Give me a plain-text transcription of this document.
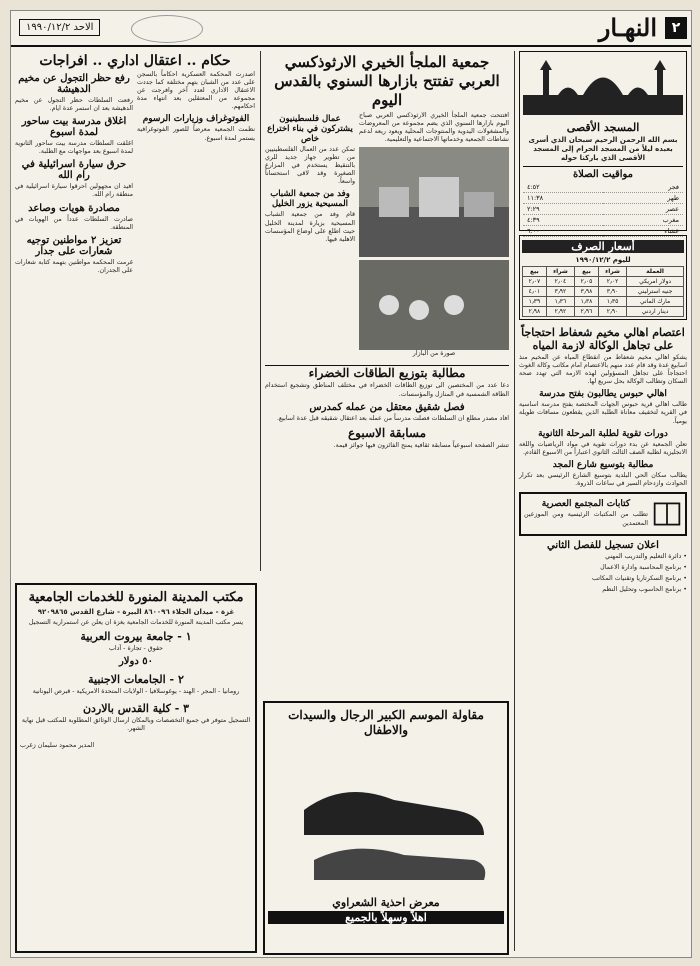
٢
النهـار
الاحد ١٩٩٠/١٢/٢
المسجد الأقصى
بسم الله الرحمن الرحيم سبحان الذي أسرى بعبده ليلاً من المسجد الحرام إلى المسجد الأقصى الذي باركنا حوله
مواقيت الصلاة
فجر	٤:٥٢
ظهر	١١:٣٨
عصر	٢:٢٩
مغرب	٤:٣٩
عشاء	٦:٠٠
أسعار الصرف
لليوم ١٩٩٠/١٢/٢
العملة	شراء	بيع	شراء	بيع
دولار امريكي	٢٫٠٢	٢٫٠٥	٢٫٠٤	٢٫٠٧
جنيه استرليني	٣٫٩٠	٣٫٩٨	٣٫٩٢	٤٫٠١
مارك الماني	١٫٣٥	١٫٣٨	١٫٣٦	١٫٣٩
دينار اردني	٢٫٩٠	٢٫٩٦	٢٫٩٢	٢٫٩٨
اعتصام اهالي مخيم شعفاط احتجاجاً على تجاهل الوكالة لازمة المياه
يشكو اهالي مخيم شعفاط من انقطاع المياه عن المخيم منذ اسابيع عدة وقد قام عدد منهم بالاعتصام امام مكاتب وكالة الغوث احتجاجاً على تجاهل المسؤولين لهذه الازمة التي تهدد صحة السكان وتطالب الوكالة بحل سريع لها.
اهالي حبوس يطالبون بفتح مدرسة
طالب اهالي قرية حبوس الجهات المختصة بفتح مدرسة اساسية في القرية لتخفيف معاناة الطلبة الذين يقطعون مسافات طويلة يومياً.
دورات تقوية لطلبة المرحلة الثانوية
تعلن الجمعية عن بدء دورات تقوية في مواد الرياضيات واللغة الانجليزية لطلبة الصف الثالث الثانوي اعتباراً من الاسبوع القادم.
مطالبة بتوسيع شارع المجد
يطالب سكان الحي البلدية بتوسيع الشارع الرئيسي بعد تكرار الحوادث وازدحام السير في ساعات الذروة.
كتابات المجتمع العصرية
تطلب من المكتبات الرئيسية ومن الموزعين المعتمدين
اعلان تسجيل للفصل الثاني
• دائرة التعليم والتدريب المهني
• برنامج المحاسبة وادارة الاعمال
• برنامج السكرتاريا وتقنيات المكاتب
• برنامج الحاسوب وتحليل النظم
جمعية الملجأ الخيري الارثوذكسي العربي تفتتح بازارها السنوي بالقدس اليوم
افتتحت جمعية الملجأ الخيري الارثوذكسي العربي صباح اليوم بازارها السنوي الذي يضم مجموعة من المعروضات والمشغولات اليدوية والمنتوجات المحلية ويعود ريعه لدعم نشاطات الجمعية وخدماتها الاجتماعية والتعليمية.
صورة من البازار
عمال فلسطينيون يشتركون في بناء اختراع خاص
تمكن عدد من العمال الفلسطينيين من تطوير جهاز جديد للري بالتنقيط يستخدم في المزارع الصغيرة وقد لاقى استحساناً واسعاً.
وفد من جمعية الشباب المسيحية يزور الخليل
قام وفد من جمعية الشباب المسيحية بزيارة لمدينة الخليل حيث اطلع على اوضاع المؤسسات الاهلية فيها.
مطالبة بتوزيع الطاقات الخضراء
دعا عدد من المختصين الى توزيع الطاقات الخضراء في مختلف المناطق وتشجيع استخدام الطاقة الشمسية في المنازل والمؤسسات.
فصل شقيق معتقل من عمله كمدرس
افاد مصدر مطلع ان السلطات فصلت مدرساً من عمله بعد اعتقال شقيقه قبل عدة اسابيع.
مسابقة الاسبوع
تنشر الصفحة اسبوعياً مسابقة ثقافية يمنح الفائزون فيها جوائز قيمة.
مقاولة الموسم الكبير الرجال والسيدات والاطفال
معرض احذية الشعراوي
اهلاً وسهلاً بالجميع
حكام .. اعتقال اداري .. افراجات
اصدرت المحكمة العسكرية احكاماً بالسجن على عدد من الشبان بتهم مختلفة كما جددت الاعتقال الاداري لعدد آخر وافرجت عن مجموعة من المعتقلين بعد انتهاء مدة احكامهم.
الفوتوغراف وزيارات الرسوم
نظمت الجمعية معرضاً للصور الفوتوغرافية يستمر لمدة اسبوع.
رفع حظر التجول عن مخيم الدهيشة
رفعت السلطات حظر التجول عن مخيم الدهيشة بعد ان استمر عدة ايام.
اغلاق مدرسة بيت ساحور لمدة اسبوع
اغلقت السلطات مدرسة بيت ساحور الثانوية لمدة اسبوع بعد مواجهات مع الطلبة.
حرق سيارة اسرائيلية في رام الله
افيد ان مجهولين احرقوا سيارة اسرائيلية في منطقة رام الله.
مصادرة هويات وصاعد
صادرت السلطات عدداً من الهويات في المنطقة.
تعزيز ٢ مواطنين توجيه شعارات على جدار
غرمت المحكمة مواطنين بتهمة كتابة شعارات على الجدران.
مكتب المدينة المنورة للخدمات الجامعية
غزة - ميدان الجلاء ٨٦٠٠٩٦ البيرة - شارع القدس ٩٢٠٩٨٦٥
يسر مكتب المدينة المنورة للخدمات الجامعية بغزة ان يعلن عن استمرارية التسجيل
١ - جامعة بيروت العربية
حقوق - تجارة - آداب
٥٠ دولار
٢ - الجامعات الاجنبية
رومانيا - المجر - الهند - يوغوسلافيا - الولايات المتحدة الامريكية - قبرص اليونانية
٣ - كلية القدس بالاردن
التسجيل متوفر في جميع التخصصات وبالمكان ارسال الوثائق المطلوبة للمكتب قبل نهاية الشهر.
المدير محمود سليمان زغرب
